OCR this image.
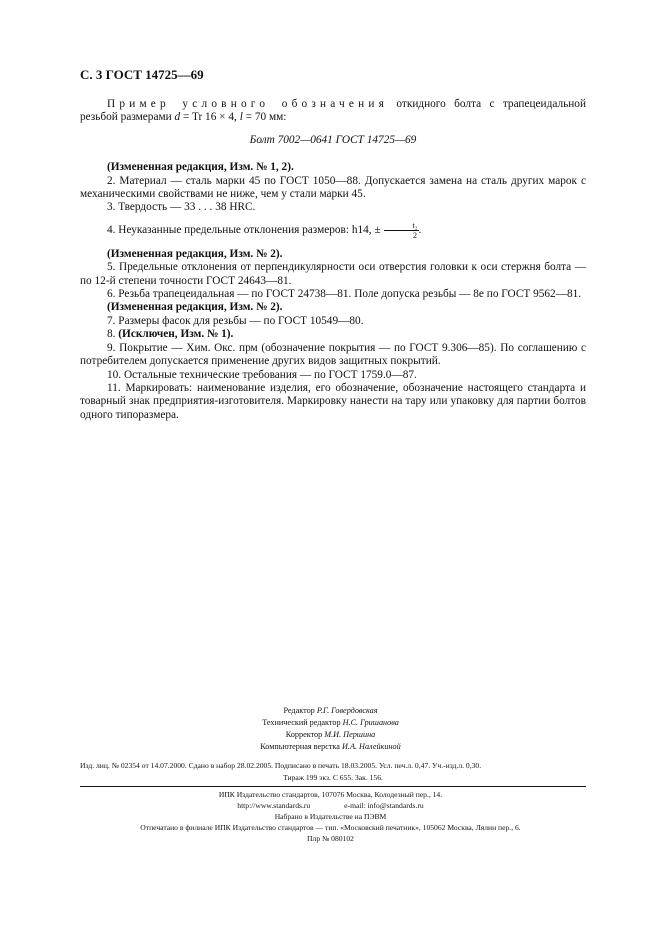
С. 3 ГОСТ 14725—69

Пример условного обозначения откидного болта с трапецеидальной резьбой размерами d = Tr 16 × 4, l = 70 мм:

Болт 7002—0641 ГОСТ 14725—69

(Измененная редакция, Изм. № 1, 2).

2. Материал — сталь марки 45 по ГОСТ 1050—88. Допускается замена на сталь других марок с механическими свойствами не ниже, чем у стали марки 45.

3. Твердость — 33 . . . 38 HRC.

4. Неуказанные предельные отклонения размеров: h14, ± $\frac{\text{t₂}}{2}$ .

(Измененная редакция, Изм. № 2).

5. Предельные отклонения от перпендикулярности оси отверстия головки к оси стержня болта — по 12-й степени точности ГОСТ 24643—81.

6. Резьба трапецеидальная — по ГОСТ 24738—81. Поле допуска резьбы — 8е по ГОСТ 9562—81.

(Измененная редакция, Изм. № 2).

7. Размеры фасок для резьбы — по ГОСТ 10549—80.

8. (Исключен, Изм. № 1).

9. Покрытие — Хим. Окс. прм (обозначение покрытия — по ГОСТ 9.306—85). По соглашению с потребителем допускается применение других видов защитных покрытий.

10. Остальные технические требования — по ГОСТ 1759.0—87.

11. Маркировать: наименование изделия, его обозначение, обозначение настоящего стандарта и товарный знак предприятия-изготовителя. Маркировку нанести на тару или упаковку для партии болтов одного типоразмера.

Редактор Р.Г. Говердовская
Технический редактор Н.С. Гришанова
Корректор М.И. Першина
Компьютерная верстка И.А. Налейкиной
Изд. лиц. № 02354 от 14.07.2000. Сдано в набор 28.02.2005. Подписано в печать 18.03.2005. Усл. печ.л. 0,47. Уч.-изд.л. 0,30.
Тираж 199 экз. С 655. Зак. 156.
ИПК Издательство стандартов, 107076 Москва, Колодезный пер., 14.
http://www.standards.ru	e-mail: info@standards.ru
Набрано в Издательстве на ПЭВМ
Отпечатано в филиале ИПК Издательство стандартов — тип. «Московский печатник», 105062 Москва, Лялин пер., 6.
Плр № 080102
